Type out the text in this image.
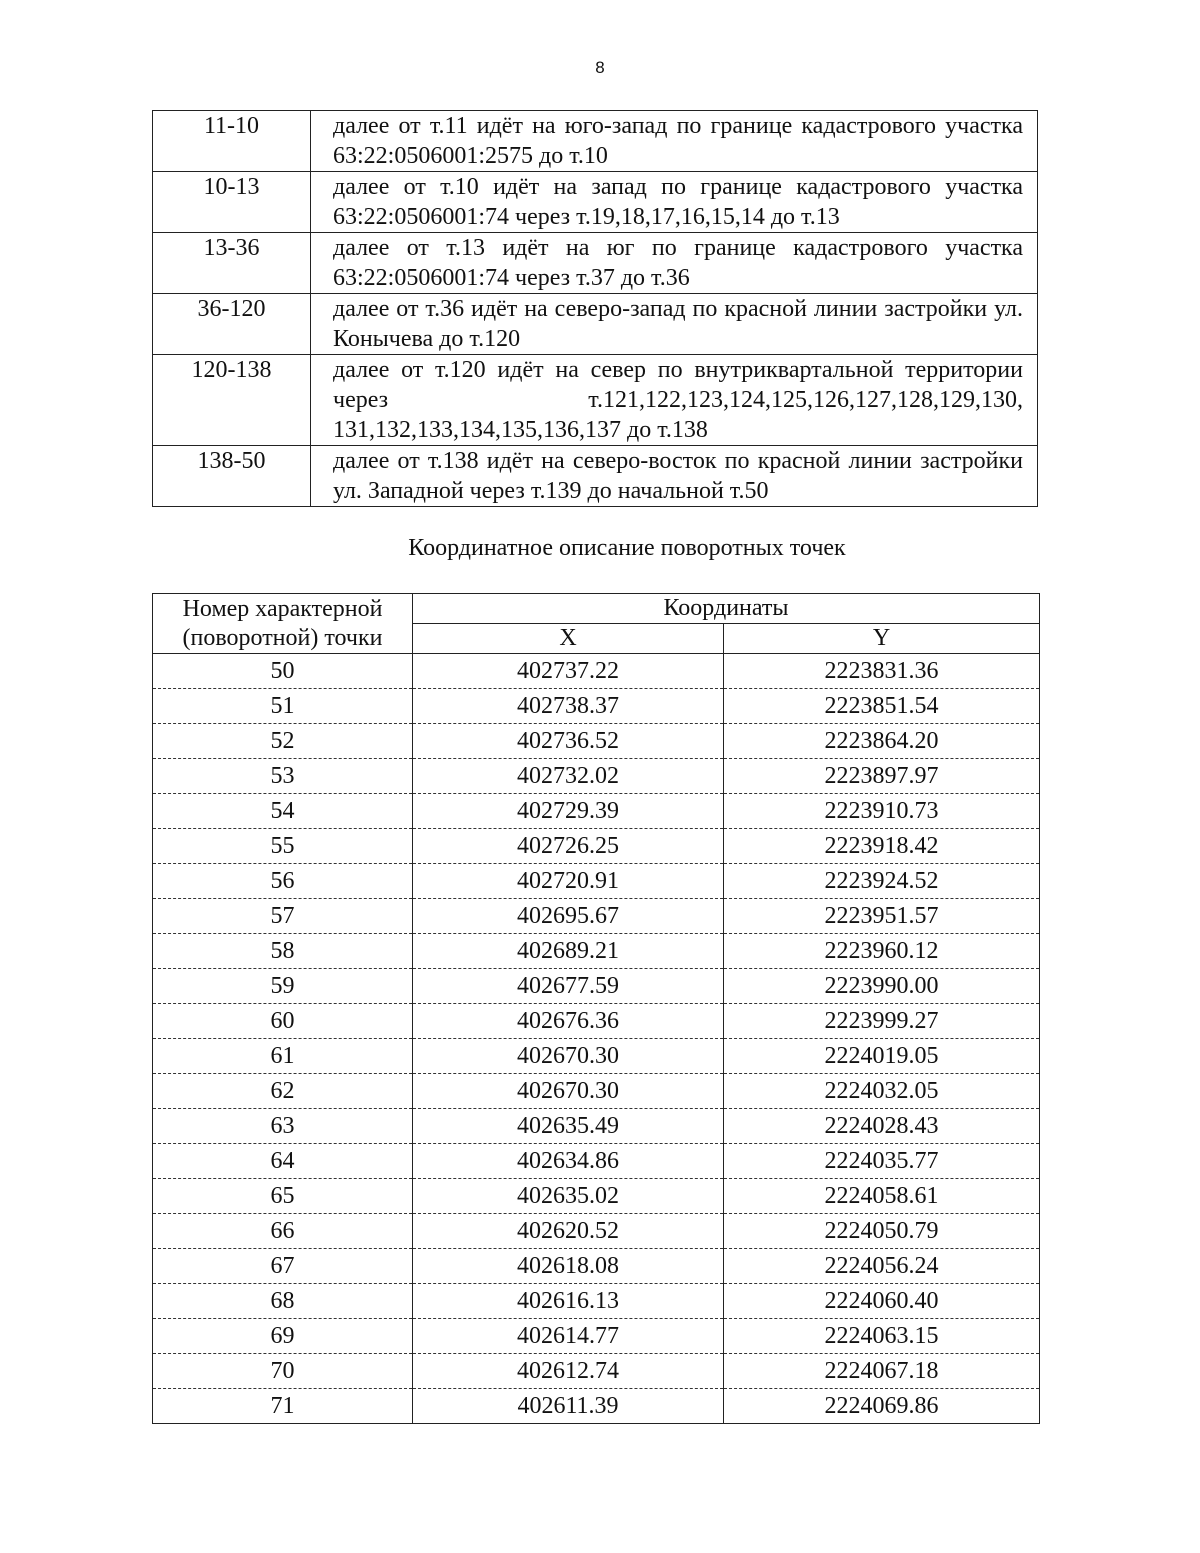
8
11-10	далее от т.11 идёт на юго-запад по границе кадастрового участка 63:22:0506001:2575 до т.10
10-13	далее от т.10 идёт на запад по границе кадастрового участка 63:22:0506001:74 через т.19,18,17,16,15,14 до т.13
13-36	далее от т.13 идёт на юг по границе кадастрового участка 63:22:0506001:74 через т.37 до т.36
36-120	далее от т.36 идёт на северо-запад по красной линии застройки ул. Конычева до т.120
120-138	далее от т.120 идёт на север по внутриквартальной территории через т.121,122,123,124,125,126,127,128,129,130, 131,132,133,134,135,136,137 до т.138
138-50	далее от т.138 идёт на северо-восток по красной линии застройки ул. Западной через т.139 до начальной т.50
Координатное описание поворотных точек
Номер характерной (поворотной) точки	Координаты	
	X	Y
50	402737.22	2223831.36
51	402738.37	2223851.54
52	402736.52	2223864.20
53	402732.02	2223897.97
54	402729.39	2223910.73
55	402726.25	2223918.42
56	402720.91	2223924.52
57	402695.67	2223951.57
58	402689.21	2223960.12
59	402677.59	2223990.00
60	402676.36	2223999.27
61	402670.30	2224019.05
62	402670.30	2224032.05
63	402635.49	2224028.43
64	402634.86	2224035.77
65	402635.02	2224058.61
66	402620.52	2224050.79
67	402618.08	2224056.24
68	402616.13	2224060.40
69	402614.77	2224063.15
70	402612.74	2224067.18
71	402611.39	2224069.86
